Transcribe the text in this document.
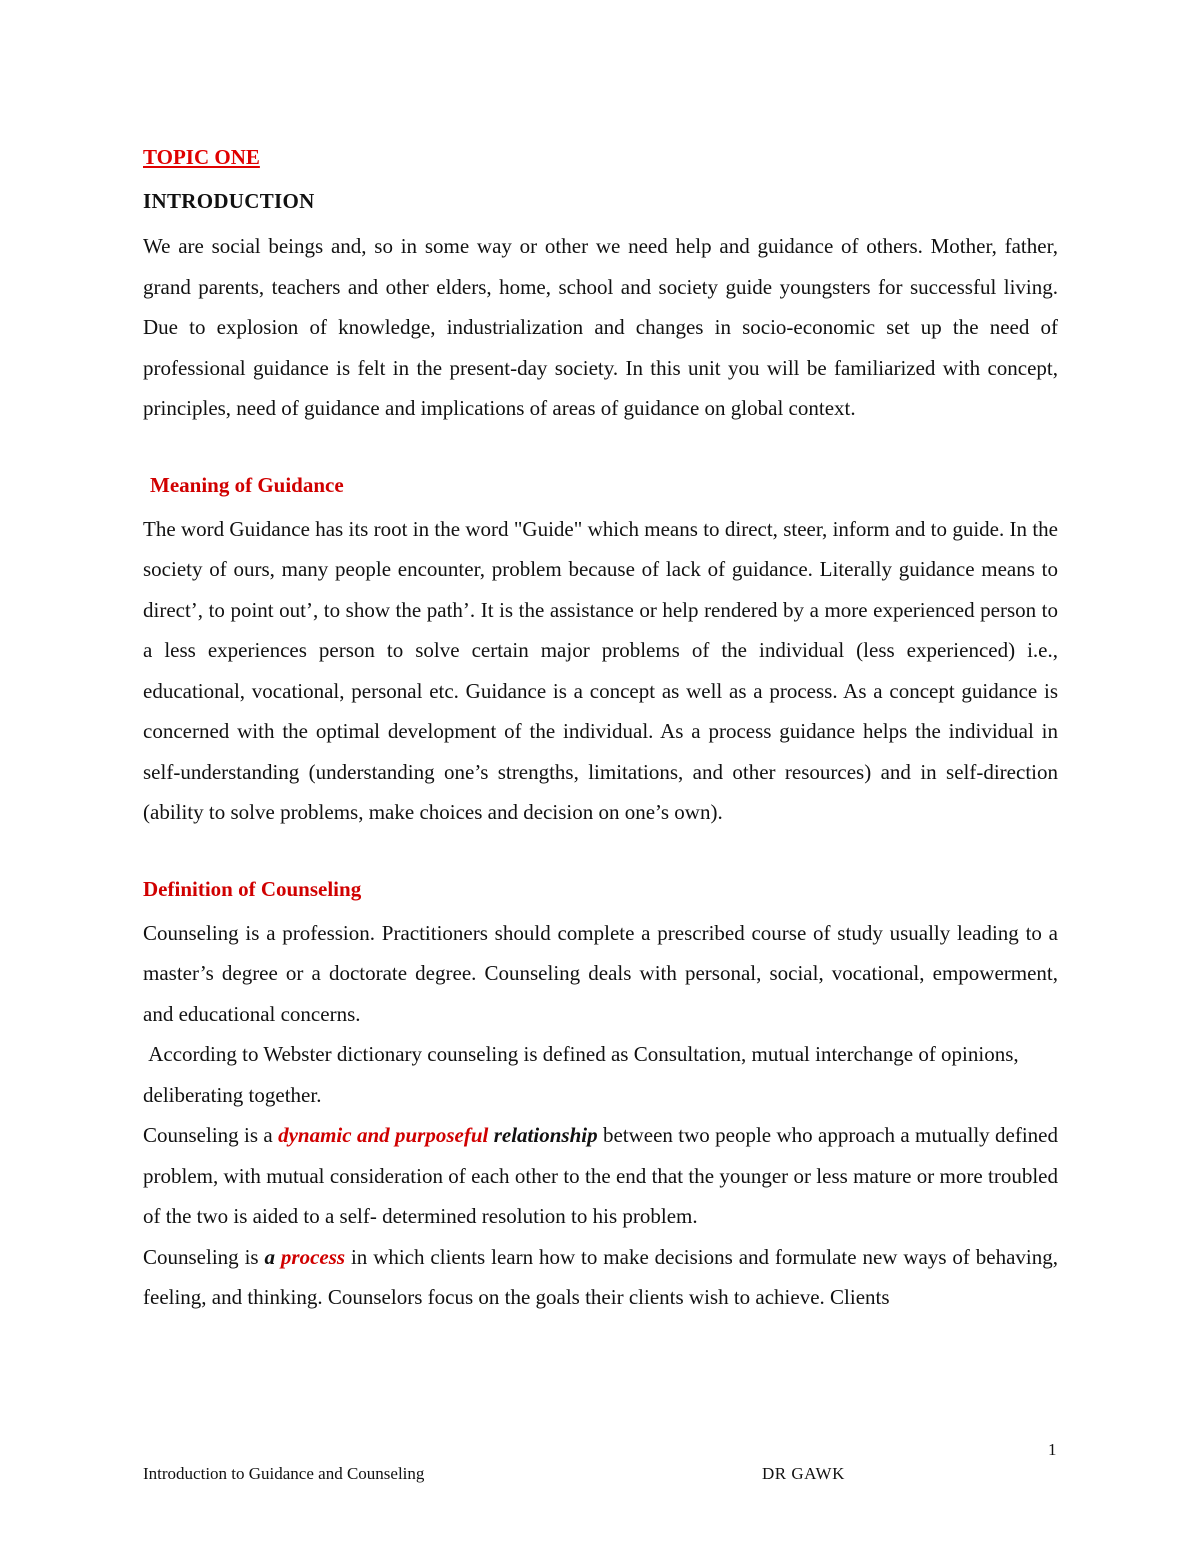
TOPIC ONE

INTRODUCTION

We are social beings and, so in some way or other we need help and guidance of others. Mother, father, grand parents, teachers and other elders, home, school and society guide youngsters for successful living. Due to explosion of knowledge, industrialization and changes in socio-economic set up the need of professional guidance is felt in the present-day society. In this unit you will be familiarized with concept, principles, need of guidance and implications of areas of guidance on global context.

Meaning of Guidance

The word Guidance has its root in the word "Guide" which means to direct, steer, inform and to guide. In the society of ours, many people encounter, problem because of lack of guidance. Literally guidance means to direct’, to point out’, to show the path’. It is the assistance or help rendered by a more experienced person to a less experiences person to solve certain major problems of the individual (less experienced) i.e., educational, vocational, personal etc. Guidance is a concept as well as a process. As a concept guidance is concerned with the optimal development of the individual. As a process guidance helps the individual in self-understanding (understanding one’s strengths, limitations, and other resources) and in self-direction (ability to solve problems, make choices and decision on one’s own).

Definition of Counseling

Counseling is a profession. Practitioners should complete a prescribed course of study usually leading to a master’s degree or a doctorate degree. Counseling deals with personal, social, vocational, empowerment, and educational concerns.

According to Webster dictionary counseling is defined as Consultation, mutual interchange of opinions, deliberating together.

Counseling is a dynamic and purposeful relationship between two people who approach a mutually defined problem, with mutual consideration of each other to the end that the younger or less mature or more troubled of the two is aided to a self- determined resolution to his problem.

Counseling is a process in which clients learn how to make decisions and formulate new ways of behaving, feeling, and thinking. Counselors focus on the goals their clients wish to achieve. Clients

1
Introduction to Guidance and Counseling	DR GAWK
